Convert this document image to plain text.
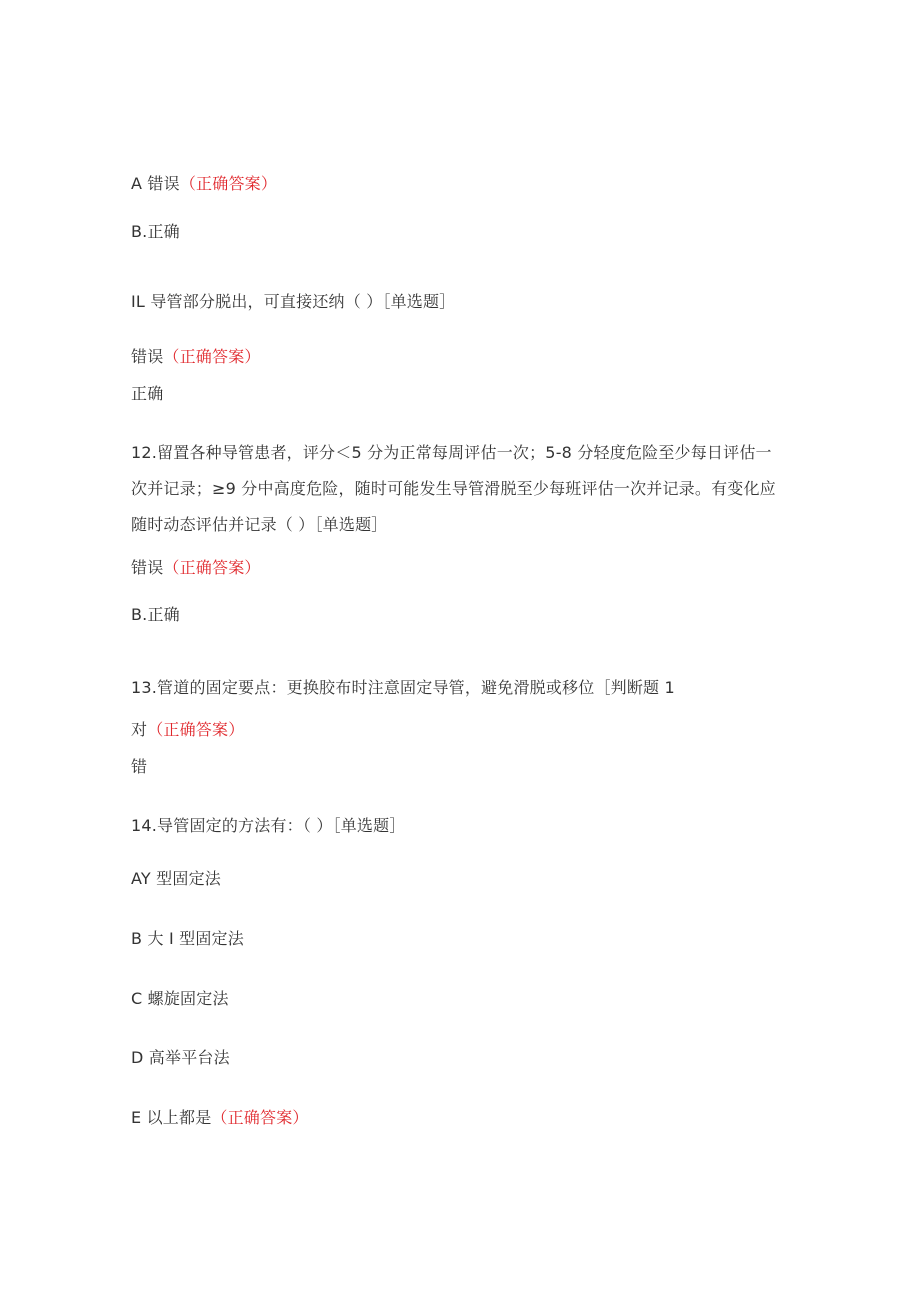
A 错误（正确答案）
B.正确
IL 导管部分脱出，可直接还纳（ ）［单选题］
错误（正确答案）
正确
12.留置各种导管患者，评分＜5 分为正常每周评估一次；5-8 分轻度危险至少每日评估一次并记录；≥9 分中高度危险，随时可能发生导管滑脱至少每班评估一次并记录。有变化应随时动态评估并记录（ ）［单选题］
错误（正确答案）
B.正确
13.管道的固定要点：更换胶布时注意固定导管，避免滑脱或移位［判断题 1
对（正确答案）
错
14.导管固定的方法有：（ ）［单选题］
AY 型固定法
B 大 I 型固定法
C 螺旋固定法
D 高举平台法
E 以上都是（正确答案）
